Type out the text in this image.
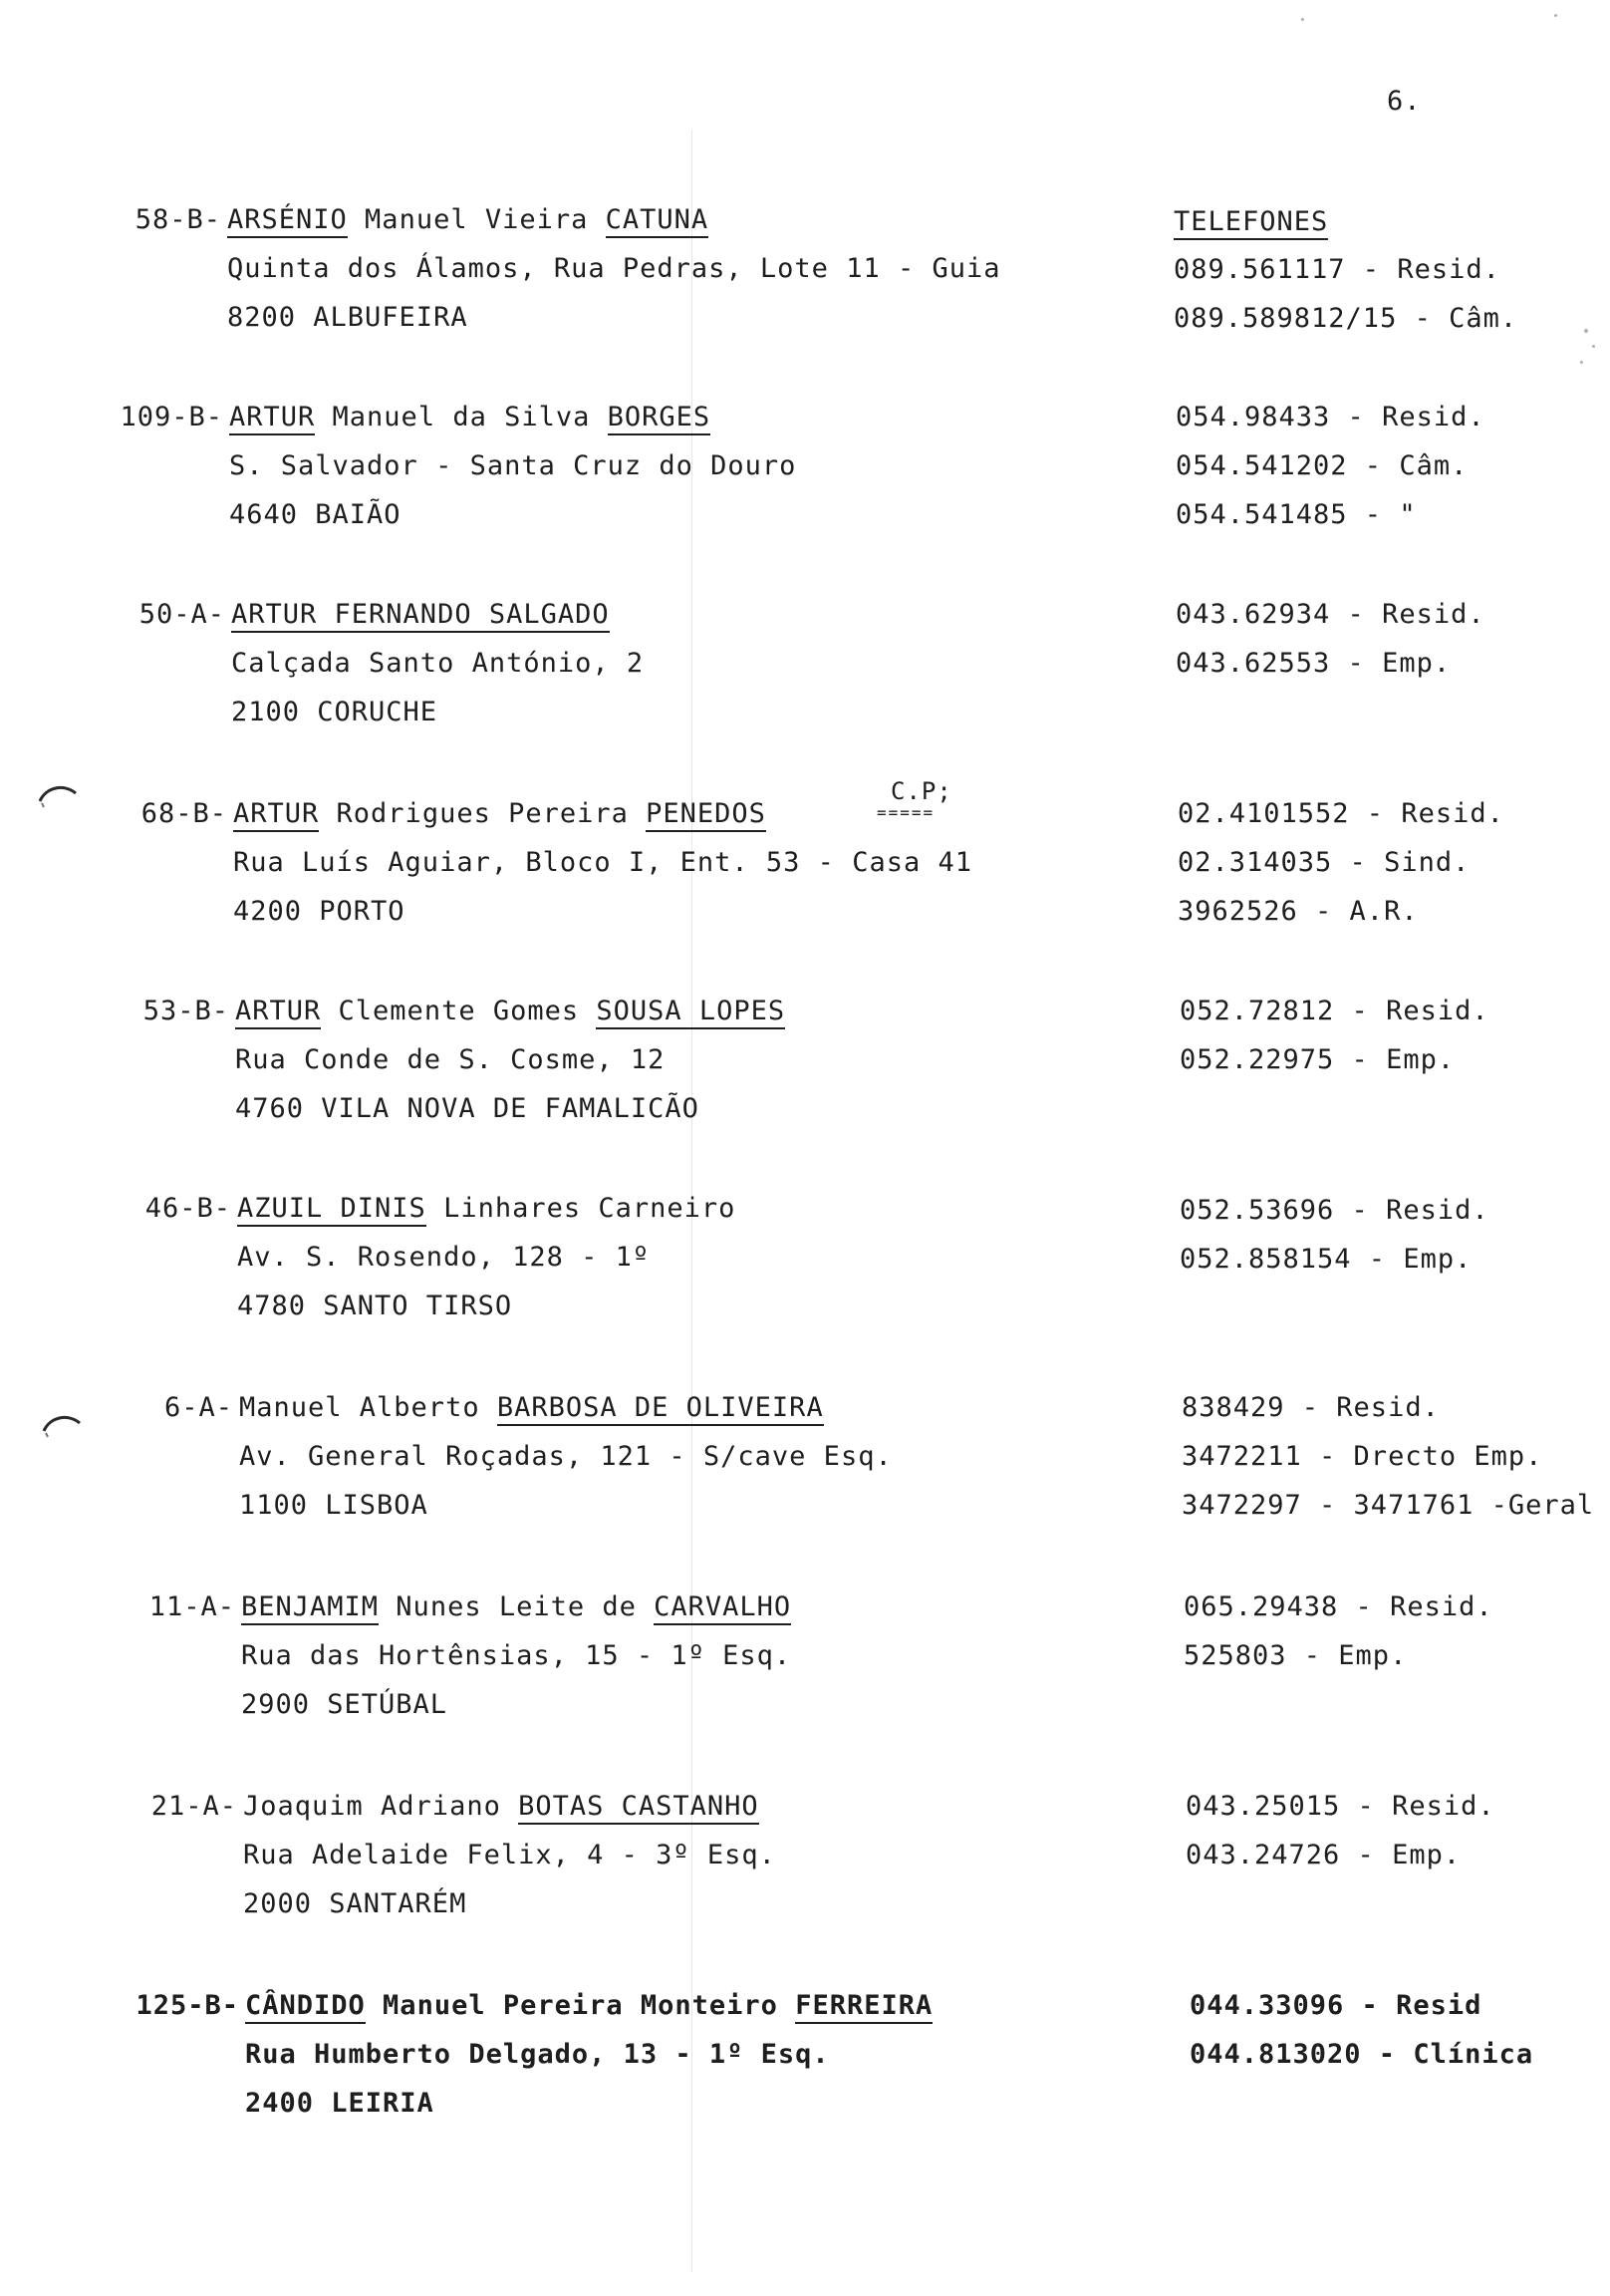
6.
TELEFONES
58-B- ARSÉNIO Manuel Vieira CATUNA
Quinta dos Álamos, Rua Pedras, Lote 11 - Guia
8200 ALBUFEIRA
089.561117 - Resid.
089.589812/15 - Câm.
109-B- ARTUR Manuel da Silva BORGES
S. Salvador - Santa Cruz do Douro
4640 BAIÃO
054.98433 - Resid.
054.541202 - Câm.
054.541485 - "
50-A- ARTUR FERNANDO SALGADO
Calçada Santo António, 2
2100 CORUCHE
043.62934 - Resid.
043.62553 - Emp.
68-B- ARTUR Rodrigues Pereira PENEDOS
C.P;
=====
Rua Luís Aguiar, Bloco I, Ent. 53 - Casa 41
4200 PORTO
02.4101552 - Resid.
02.314035 - Sind.
3962526 - A.R.
53-B- ARTUR Clemente Gomes SOUSA LOPES
Rua Conde de S. Cosme, 12
4760 VILA NOVA DE FAMALICÃO
052.72812 - Resid.
052.22975 - Emp.
46-B- AZUIL DINIS Linhares Carneiro
Av. S. Rosendo, 128 - 1º
4780 SANTO TIRSO
052.53696 - Resid.
052.858154 - Emp.
6-A- Manuel Alberto BARBOSA DE OLIVEIRA
Av. General Roçadas, 121 - S/cave Esq.
1100 LISBOA
838429 - Resid.
3472211 - Drecto Emp.
3472297 - 3471761 -Geral
11-A- BENJAMIM Nunes Leite de CARVALHO
Rua das Hortênsias, 15 - 1º Esq.
2900 SETÚBAL
065.29438 - Resid.
525803 - Emp.
21-A- Joaquim Adriano BOTAS CASTANHO
Rua Adelaide Felix, 4 - 3º Esq.
2000 SANTARÉM
043.25015 - Resid.
043.24726 - Emp.
125-B- CÂNDIDO Manuel Pereira Monteiro FERREIRA
Rua Humberto Delgado, 13 - 1º Esq.
2400 LEIRIA
044.33096 - Resid
044.813020 - Clínica
